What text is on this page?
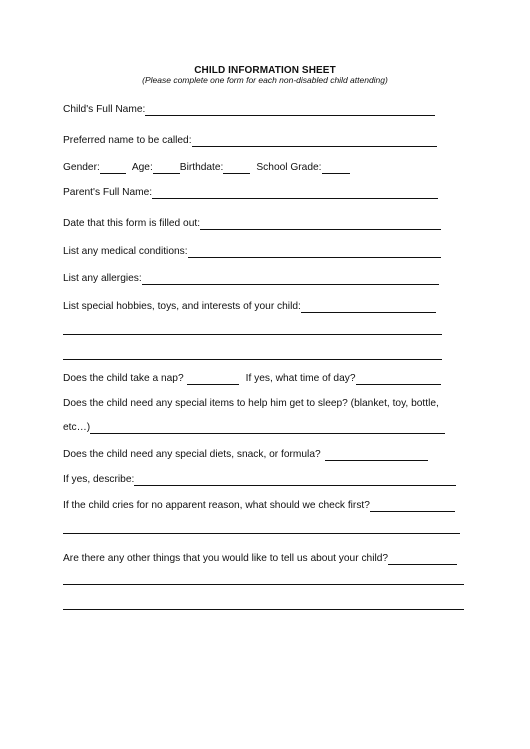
CHILD INFORMATION SHEET
(Please complete one form for each non-disabled child attending)
Child's Full Name:
Preferred name to be called:
Gender:	Age:	Birthdate:	School Grade:
Parent's Full Name:
Date that this form is filled out:
List any medical conditions:
List any allergies:
List special hobbies, toys, and interests of your child:
Does the child take a nap?	If yes, what time of day?
Does the child need any special items to help him get to sleep? (blanket, toy, bottle,
etc…)
Does the child need any special diets, snack, or formula?
If yes, describe:
If the child cries for no apparent reason, what should we check first?
Are there any other things that you would like to tell us about your child?
